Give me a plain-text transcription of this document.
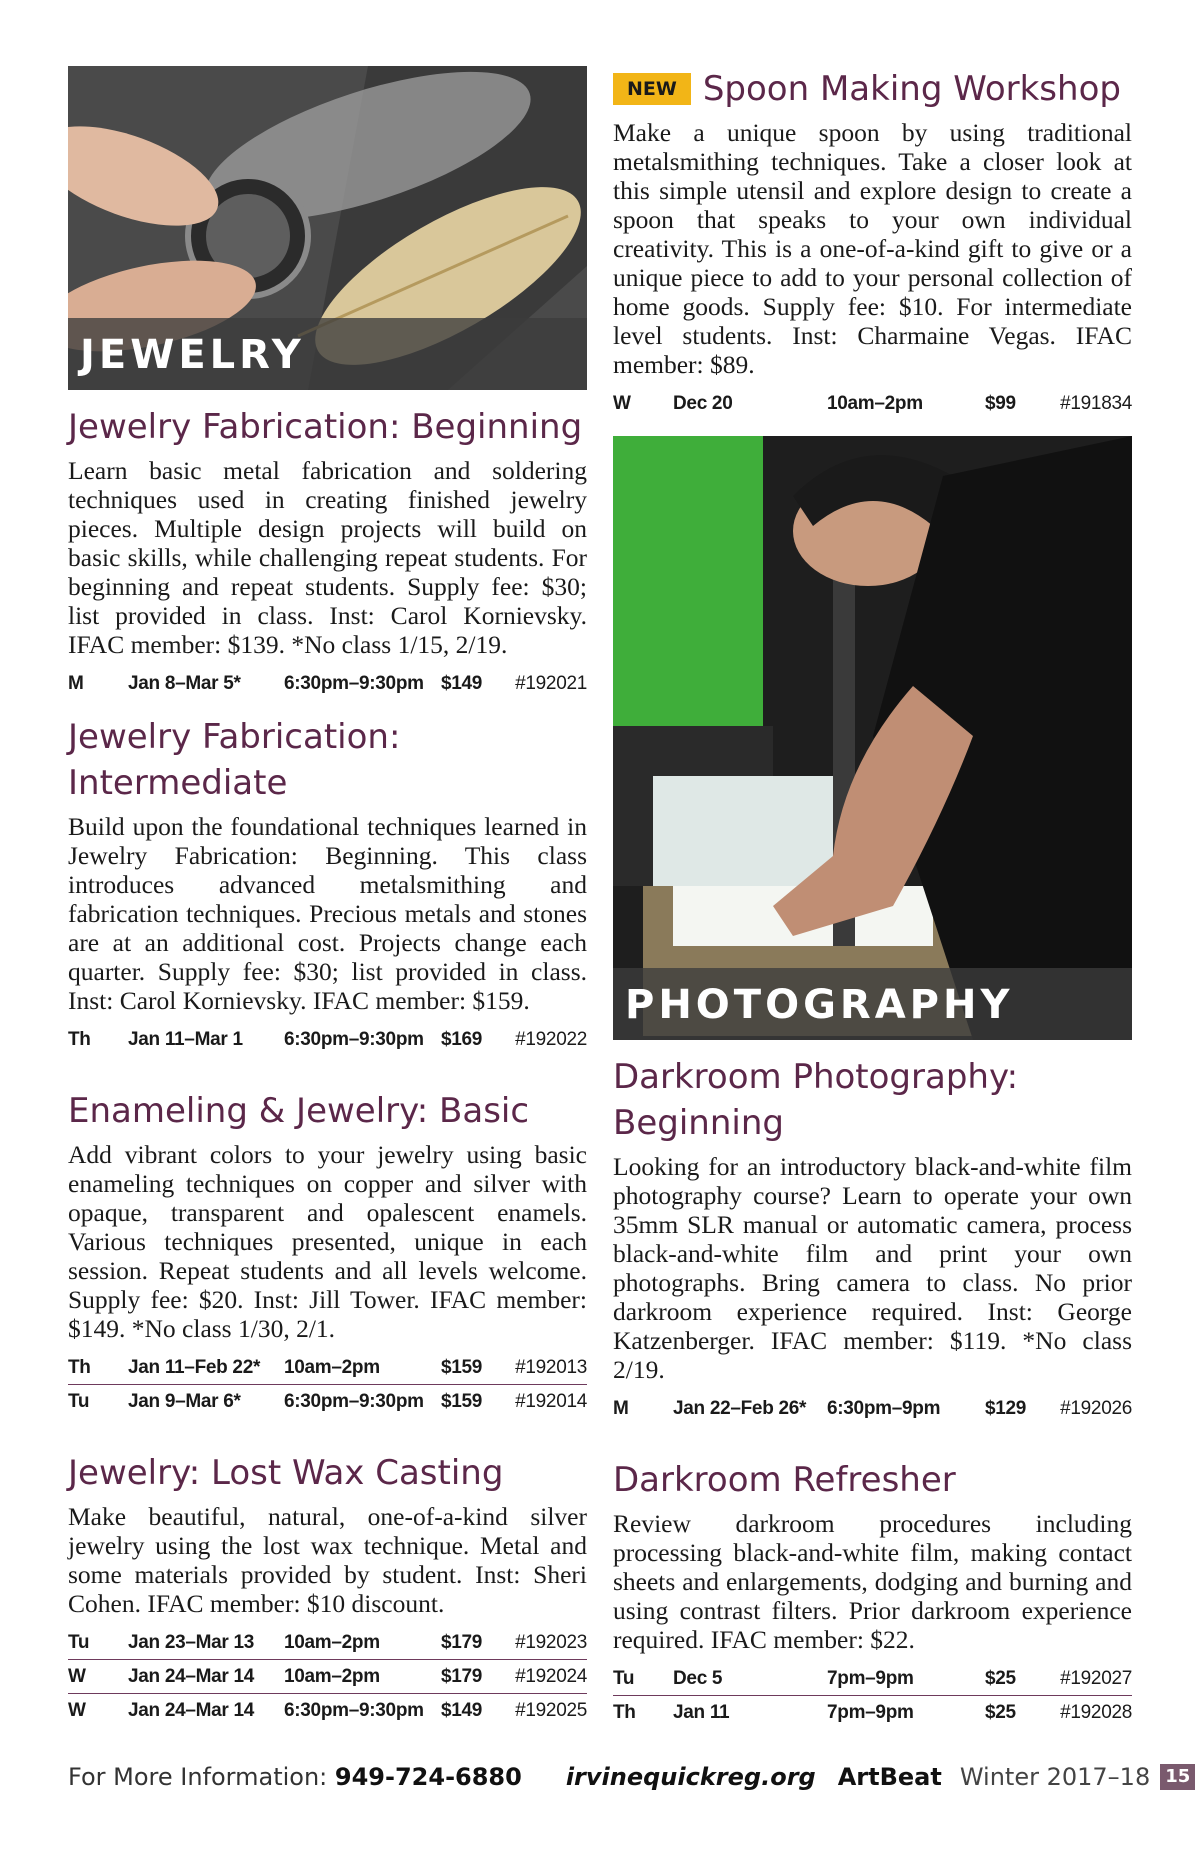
JEWELRY
Jewelry Fabrication: Beginning

Learn basic metal fabrication and soldering techniques used in creating finished jewelry pieces. Multiple design projects will build on basic skills, while challenging repeat students. For beginning and repeat students. Supply fee: $30; list provided in class. Inst: Carol Kornievsky. IFAC member: $139. *No class 1/15, 2/19.

M	Jan 8–Mar 5*	6:30pm–9:30pm $149	#192021
Jewelry Fabrication: Intermediate

Build upon the foundational techniques learned in Jewelry Fabrication: Beginning. This class introduces advanced metalsmithing and fabrication techniques. Precious metals and stones are at an additional cost. Projects change each quarter. Supply fee: $30; list provided in class. Inst: Carol Kornievsky. IFAC member: $159.

Th	Jan 11–Mar 1	6:30pm–9:30pm $169	#192022
Enameling & Jewelry: Basic

Add vibrant colors to your jewelry using basic enameling techniques on copper and silver with opaque, transparent and opalescent enamels. Various techniques presented, unique in each session. Repeat students and all levels welcome. Supply fee: $20. Inst: Jill Tower. IFAC member: $149. *No class 1/30, 2/1.

Th	Jan 11–Feb 22*	10am–2pm	$159	#192013
Tu	Jan 9–Mar 6*	6:30pm–9:30pm $159	#192014
Jewelry: Lost Wax Casting

Make beautiful, natural, one-of-a-kind silver jewelry using the lost wax technique. Metal and some materials provided by student. Inst: Sheri Cohen. IFAC member: $10 discount.

Tu	Jan 23–Mar 13	10am–2pm	$179	#192023
W	Jan 24–Mar 14	10am–2pm	$179	#192024
W	Jan 24–Mar 14	6:30pm–9:30pm $149	#192025
NEW Spoon Making Workshop

Make a unique spoon by using traditional metalsmithing techniques. Take a closer look at this simple utensil and explore design to create a spoon that speaks to your own individual creativity. This is a one-of-a-kind gift to give or a unique piece to add to your personal collection of home goods. Supply fee: $10. For intermediate level students. Inst: Charmaine Vegas. IFAC member: $89.

W	Dec 20	10am–2pm	$99	#191834
PHOTOGRAPHY
Darkroom Photography: Beginning

Looking for an introductory black-and-white film photography course? Learn to operate your own 35mm SLR manual or automatic camera, process black-and-white film and print your own photographs. Bring camera to class. No prior darkroom experience required. Inst: George Katzenberger. IFAC member: $119. *No class 2/19.

M	Jan 22–Feb 26*	6:30pm–9pm	$129	#192026
Darkroom Refresher

Review darkroom procedures including processing black-and-white film, making contact sheets and enlargements, dodging and burning and using contrast filters. Prior darkroom experience required. IFAC member: $22.

Tu	Dec 5	7pm–9pm	$25	#192027
Th	Jan 11	7pm–9pm	$25	#192028
For More Information:
949-724-6880 irvinequickreg.org ArtBeat Winter 2017–18 15
